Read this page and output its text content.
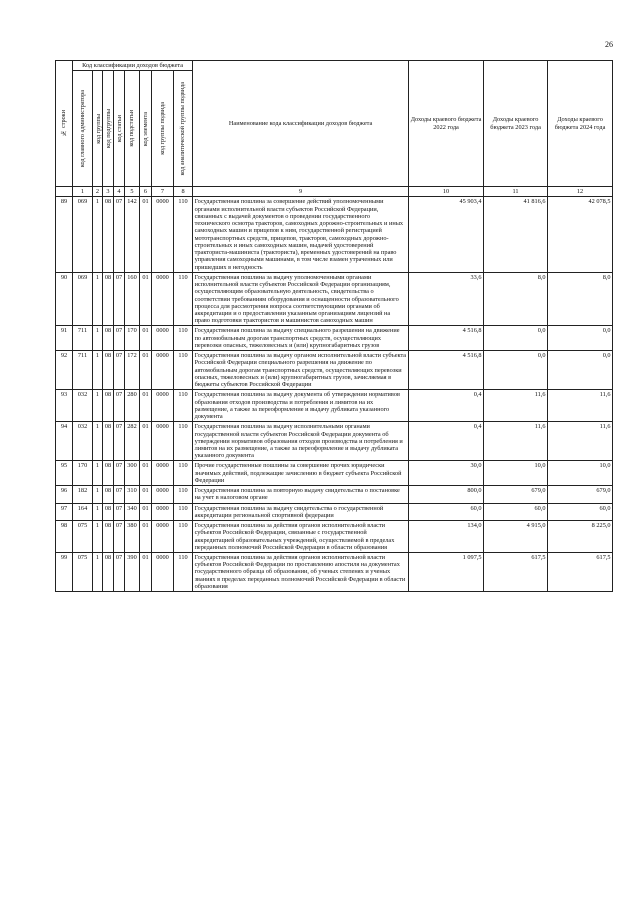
26
№ строки	Код классификации доходов бюджета								Наименование кода классификации доходов бюджета	Доходы краевого бюджета 2022 года	Доходы краевого бюджета 2023 года	Доходы краевого бюджета 2024 года

	код главного администратора	код группы	код подгруппы	код статьи	код подстатьи	код элемента	код группы подвида	код аналитической группы подвида				

	1	2	3	4	5	6	7	8	9	10	11	12
89	069	1	08	07	142	01	0000	110	Государственная пошлина за совершение действий уполномоченными органами исполнительной власти субъектов Российской Федерации, связанных с выдачей документов о проведении государственного технического осмотра тракторов, самоходных дорожно-строительных и иных самоходных машин и прицепов к ним, государственной регистрацией мототранспортных средств, прицепов, тракторов, самоходных дорожно-строительных и иных самоходных машин, выдачей удостоверений тракториста-машиниста (тракториста), временных удостоверений на право управления самоходными машинами, в том числе взамен утраченных или пришедших в негодность	45 903,4	41 816,6	42 078,5
90	069	1	08	07	160	01	0000	110	Государственная пошлина за выдачу уполномоченными органами исполнительной власти субъектов Российской Федерации организациям, осуществляющим образовательную деятельность, свидетельства о соответствии требованиям оборудования и оснащенности образовательного процесса для рассмотрения вопроса соответствующими органами об аккредитации и о предоставлении указанным организациям лицензий на право подготовки трактористов и машинистов самоходных машин	33,6	8,0	8,0
91	711	1	08	07	170	01	0000	110	Государственная пошлина за выдачу специального разрешения на движение по автомобильным дорогам транспортных средств, осуществляющих перевозки опасных, тяжеловесных и (или) крупногабаритных грузов	4 516,8	0,0	0,0
92	711	1	08	07	172	01	0000	110	Государственная пошлина за выдачу органом исполнительной власти субъекта Российской Федерации специального разрешения на движение по автомобильным дорогам транспортных средств, осуществляющих перевозки опасных, тяжеловесных и (или) крупногабаритных грузов, зачисляемая в бюджеты субъектов Российской Федерации	4 516,8	0,0	0,0
93	032	1	08	07	280	01	0000	110	Государственная пошлина за выдачу документа об утверждении нормативов образования отходов производства и потребления и лимитов на их размещение, а также за переоформление и выдачу дубликата указанного документа	0,4	11,6	11,6
94	032	1	08	07	282	01	0000	110	Государственная пошлина за выдачу исполнительными органами государственной власти субъектов Российской Федерации документа об утверждении нормативов образования отходов производства и потребления и лимитов на их размещение, а также за переоформление и выдачу дубликата указанного документа	0,4	11,6	11,6
95	170	1	08	07	300	01	0000	110	Прочие государственные пошлины за совершение прочих юридически значимых действий, подлежащие зачислению в бюджет субъекта Российской Федерации	30,0	10,0	10,0
96	182	1	08	07	310	01	0000	110	Государственная пошлина за повторную выдачу свидетельства о постановке на учет в налоговом органе	800,0	679,0	679,0
97	164	1	08	07	340	01	0000	110	Государственная пошлина за выдачу свидетельства о государственной аккредитации региональной спортивной федерации	60,0	60,0	60,0
98	075	1	08	07	380	01	0000	110	Государственная пошлина за действия органов исполнительной власти субъектов Российской Федерации, связанные с государственной аккредитацией образовательных учреждений, осуществляемой в пределах переданных полномочий Российской Федерации в области образования	134,0	4 915,0	8 225,0
99	075	1	08	07	390	01	0000	110	Государственная пошлина за действия органов исполнительной власти субъектов Российской Федерации по проставлению апостиля на документах государственного образца об образовании, об ученых степенях и ученых званиях в пределах переданных полномочий Российской Федерации в области образования	1 097,5	617,5	617,5
